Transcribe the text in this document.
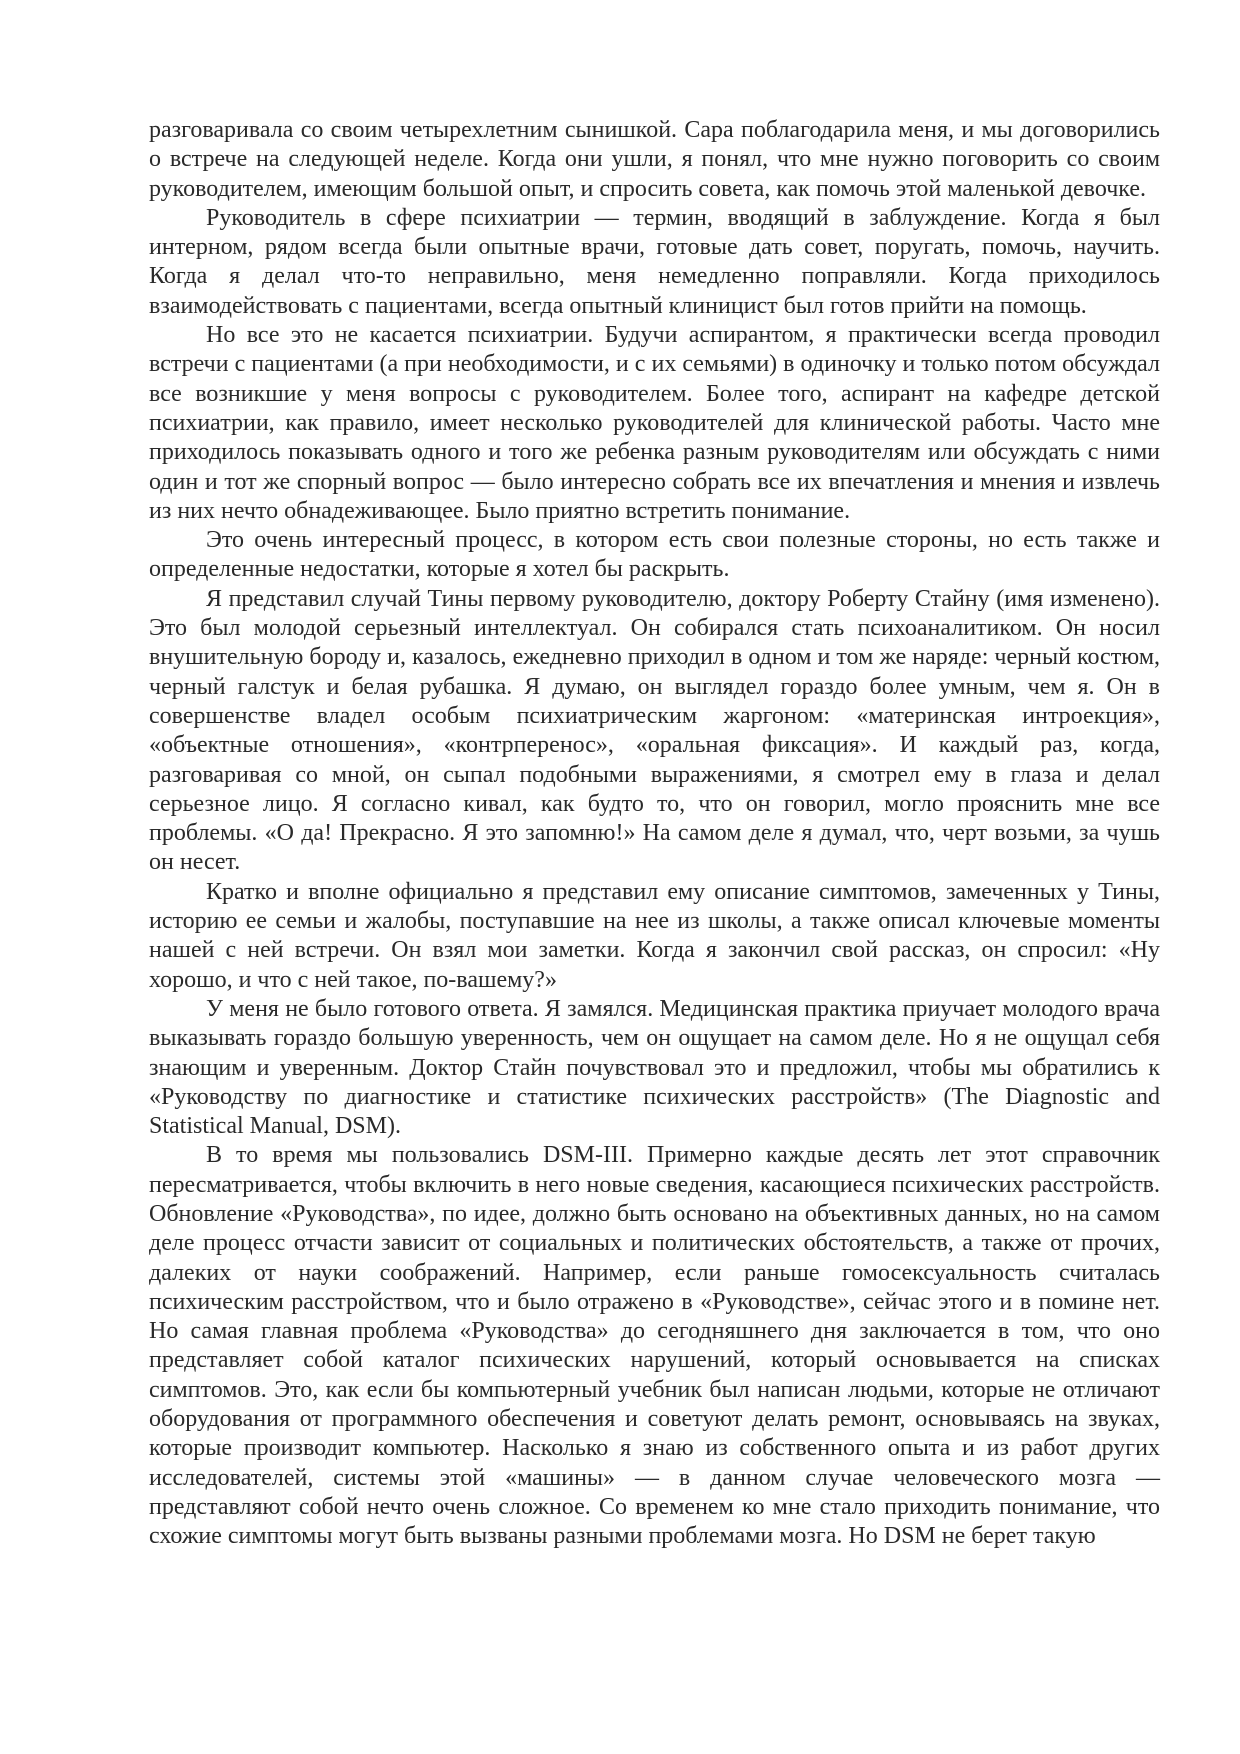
разговаривала со своим четырехлетним сынишкой. Сара поблагодарила меня, и мы договорились о встрече на следующей неделе. Когда они ушли, я понял, что мне нужно поговорить со своим руководителем, имеющим большой опыт, и спросить совета, как помочь этой маленькой девочке.

Руководитель в сфере психиатрии — термин, вводящий в заблуждение. Когда я был интерном, рядом всегда были опытные врачи, готовые дать совет, поругать, помочь, научить. Когда я делал что-то неправильно, меня немедленно поправляли. Когда приходилось взаимодействовать с пациентами, всегда опытный клиницист был готов прийти на помощь.

Но все это не касается психиатрии. Будучи аспирантом, я практически всегда проводил встречи с пациентами (а при необходимости, и с их семьями) в одиночку и только потом обсуждал все возникшие у меня вопросы с руководителем. Более того, аспирант на кафедре детской психиатрии, как правило, имеет несколько руководителей для клинической работы. Часто мне приходилось показывать одного и того же ребенка разным руководителям или обсуждать с ними один и тот же спорный вопрос — было интересно собрать все их впечатления и мнения и извлечь из них нечто обнадеживающее. Было приятно встретить понимание.

Это очень интересный процесс, в котором есть свои полезные стороны, но есть также и определенные недостатки, которые я хотел бы раскрыть.

Я представил случай Тины первому руководителю, доктору Роберту Стайну (имя изменено). Это был молодой серьезный интеллектуал. Он собирался стать психоаналитиком. Он носил внушительную бороду и, казалось, ежедневно приходил в одном и том же наряде: черный костюм, черный галстук и белая рубашка. Я думаю, он выглядел гораздо более умным, чем я. Он в совершенстве владел особым психиатрическим жаргоном: «материнская интроекция», «объектные отношения», «контрперенос», «оральная фиксация». И каждый раз, когда, разговаривая со мной, он сыпал подобными выражениями, я смотрел ему в глаза и делал серьезное лицо. Я согласно кивал, как будто то, что он говорил, могло прояснить мне все проблемы. «О да! Прекрасно. Я это запомню!» На самом деле я думал, что, черт возьми, за чушь он несет.

Кратко и вполне официально я представил ему описание симптомов, замеченных у Тины, историю ее семьи и жалобы, поступавшие на нее из школы, а также описал ключевые моменты нашей с ней встречи. Он взял мои заметки. Когда я закончил свой рассказ, он спросил: «Ну хорошо, и что с ней такое, по-вашему?»

У меня не было готового ответа. Я замялся. Медицинская практика приучает молодого врача выказывать гораздо большую уверенность, чем он ощущает на самом деле. Но я не ощущал себя знающим и уверенным. Доктор Стайн почувствовал это и предложил, чтобы мы обратились к «Руководству по диагностике и статистике психических расстройств» (The Diagnostic and Statistical Manual, DSM).

В то время мы пользовались DSM-III. Примерно каждые десять лет этот справочник пересматривается, чтобы включить в него новые сведения, касающиеся психических расстройств. Обновление «Руководства», по идее, должно быть основано на объективных данных, но на самом деле процесс отчасти зависит от социальных и политических обстоятельств, а также от прочих, далеких от науки соображений. Например, если раньше гомосексуальность считалась психическим расстройством, что и было отражено в «Руководстве», сейчас этого и в помине нет. Но самая главная проблема «Руководства» до сегодняшнего дня заключается в том, что оно представляет собой каталог психических нарушений, который основывается на списках симптомов. Это, как если бы компьютерный учебник был написан людьми, которые не отличают оборудования от программного обеспечения и советуют делать ремонт, основываясь на звуках, которые производит компьютер. Насколько я знаю из собственного опыта и из работ других исследователей, системы этой «машины» — в данном случае человеческого мозга — представляют собой нечто очень сложное. Со временем ко мне стало приходить понимание, что схожие симптомы могут быть вызваны разными проблемами мозга. Но DSM не берет такую
